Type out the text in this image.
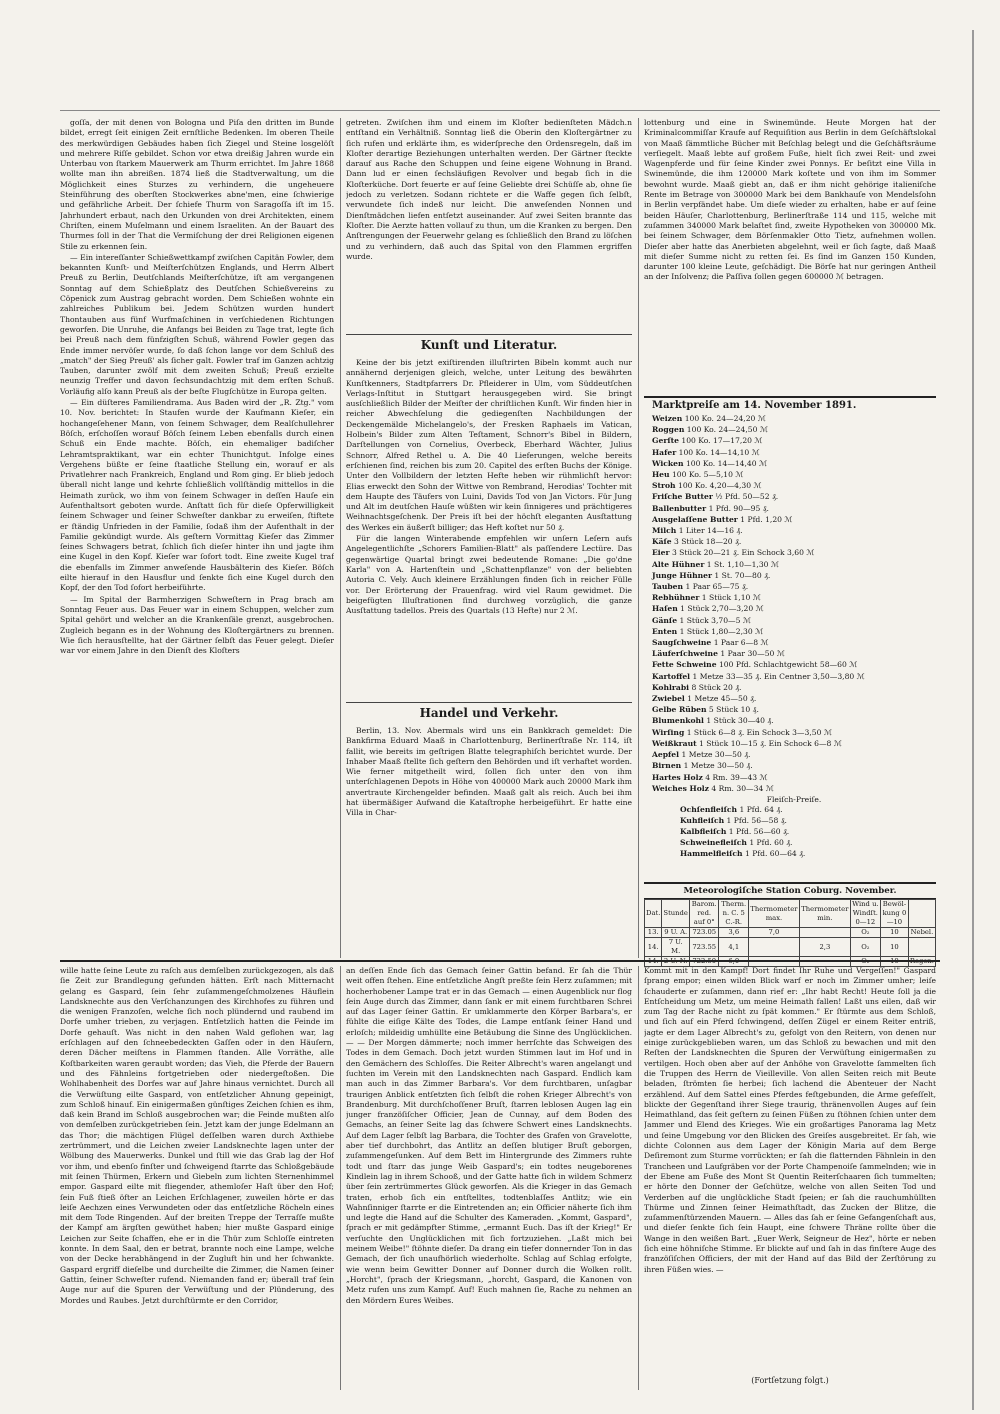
goſſa, der mit denen von Bologna und Piſa den dritten im Bunde bildet, erregt ſeit einigen Zeit ernſtliche Bedenken. Im oberen Theile des merkwürdigen Gebäudes haben ſich Ziegel und Steine losgelöſt und mehrere Riſſe gebildet. Schon vor etwa dreißig Jahren wurde ein Unterbau von ſtarkem Mauerwerk am Thurm errichtet. Im Jahre 1868 wollte man ihn abreißen. 1874 ließ die Stadtverwaltung, um die Möglichkeit eines Sturzes zu verhindern, die ungeheuere Steinführung des oberſten Stockwerkes abne'men, eine ſchwierige und gefährliche Arbeit. Der ſchiefe Thurm von Saragoſſa iſt im 15. Jahrhundert erbaut, nach den Urkunden von drei Architekten, einem Chriſten, einem Muſelmann und einem Israeliten. An der Bauart des Thurmes ſoll in der That die Vermiſchung der drei Religionen eigenen Stile zu erkennen ſein.

— Ein intereſſanter Schießwettkampf zwiſchen Capitän Fowler, dem bekannten Kunſt- und Meiſterſchützen Englands, und Herrn Albert Preuß zu Berlin, Deutſchlands Meiſterſchütze, iſt am vergangenen Sonntag auf dem Schießplatz des Deutſchen Schießvereins zu Cöpenick zum Austrag gebracht worden. Dem Schießen wohnte ein zahlreiches Publikum bei. Jedem Schützen wurden hundert Thontauben aus fünf Wurfmaſchinen in verſchiedenen Richtungen geworfen. Die Unruhe, die Anfangs bei Beiden zu Tage trat, legte ſich bei Preuß nach dem fünfzigſten Schuß, während Fowler gegen das Ende immer nervöſer wurde, ſo daß ſchon lange vor dem Schluß des „match" der Sieg Preuß' als ſicher galt. Fowler traf im Ganzen achtzig Tauben, darunter zwölf mit dem zweiten Schuß; Preuß erzielte neunzig Treffer und davon ſechsundachtzig mit dem erſten Schuß. Vorläufig alſo kann Preuß als der beſte Flugſchütze in Europa gelten.

— Ein düſteres Familiendrama. Aus Baden wird der „R. Ztg." vom 10. Nov. berichtet: In Staufen wurde der Kaufmann Kieſer, ein hochangeſehener Mann, von ſeinem Schwager, dem Realſchullehrer Böſch, erſchoſſen worauf Böſch ſeinem Leben ebenfalls durch einen Schuß ein Ende machte. Böſch, ein ehemaliger badiſcher Lehramtspraktikant, war ein echter Thunichtgut. Infolge eines Vergehens büßte er ſeine ſtaatliche Stellung ein, worauf er als Privatlehrer nach Frankreich, England und Rom ging. Er blieb jedoch überall nicht lange und kehrte ſchließlich vollſtändig mittellos in die Heimath zurück, wo ihm von ſeinem Schwager in deſſen Hauſe ein Aufenthaltsort geboten wurde. Anſtatt ſich für dieſe Opferwilligkeit ſeinem Schwager und ſeiner Schweſter dankbar zu erweiſen, ſtiftete er ſtändig Unfrieden in der Familie, ſodaß ihm der Aufenthalt in der Familie gekündigt wurde. Als geſtern Vormittag Kieſer das Zimmer ſeines Schwagers betrat, ſchlich ſich dieſer hinter ihn und jagte ihm eine Kugel in den Kopf. Kieſer war ſofort todt. Eine zweite Kugel traf die ebenfalls im Zimmer anweſende Hausbälterin des Kieſer. Böſch eilte hierauf in den Hausflur und ſenkte ſich eine Kugel durch den Kopf, der den Tod ſofort herbeiführte.

— Im Spital der Barmherzigen Schweſtern in Prag brach am Sonntag Feuer aus. Das Feuer war in einem Schuppen, welcher zum Spital gehört und welcher an die Krankenſäle grenzt, ausgebrochen. Zugleich begann es in der Wohnung des Kloſtergärtners zu brennen. Wie ſich herausſtellte, hat der Gärtner ſelbſt das Feuer gelegt. Dieſer war vor einem Jahre in den Dienſt des Kloſters

getreten. Zwiſchen ihm und einem im Kloſter bedienſteten Mädch.n entſtand ein Verhältniß. Sonntag ließ die Oberin den Kloſtergärtner zu ſich rufen und erklärte ihm, es widerſpreche den Ordensregeln, daß im Kloſter derartige Beziehungen unterhalten werden. Der Gärtner ſteckte darauf aus Rache den Schuppen und ſeine eigene Wohnung in Brand. Dann lud er einen ſechsläufigen Revolver und begab ſich in die Kloſterküche. Dort feuerte er auf ſeine Geliebte drei Schüſſe ab, ohne ſie jedoch zu verletzen. Sodann richtete er die Waffe gegen ſich ſelbſt, verwundete ſich indeß nur leicht. Die anweſenden Nonnen und Dienſtmädchen liefen entſetzt auseinander. Auf zwei Seiten brannte das Kloſter. Die Aerzte hatten vollauf zu thun, um die Kranken zu bergen. Den Anſtrengungen der Feuerwehr gelang es ſchließlich den Brand zu löſchen und zu verhindern, daß auch das Spital von den Flammen ergriffen wurde.

Kunſt und Literatur.

Keine der bis jetzt exiſtirenden illuſtrirten Bibeln kommt auch nur annähernd derjenigen gleich, welche, unter Leitung des bewährten Kunſtkenners, Stadtpfarrers Dr. Pfleiderer in Ulm, vom Süddeutſchen Verlags-Inſtitut in Stuttgart herausgegeben wird. Sie bringt ausſchließlich Bilder der Meiſter der chriſtlichen Kunſt. Wir finden hier in reicher Abwechſelung die gediegenſten Nachbildungen der Deckengemälde Michelangelo's, der Fresken Raphaels im Vatican, Holbein's Bilder zum Alten Teſtament, Schnorr's Bibel in Bildern, Darſtellungen von Cornelius, Overbeck, Eberhard Wächter, Julius Schnorr, Alfred Rethel u. A. Die 40 Lieferungen, welche bereits erſchienen ſind, reichen bis zum 20. Capitel des erſten Buchs der Könige. Unter den Vollbildern der letzten Hefte heben wir rühmlichſt hervor: Elias erweckt den Sohn der Wittwe von Rembrand, Herodias' Tochter mit dem Haupte des Täufers von Luini, Davids Tod von Jan Victors. Für Jung und Alt im deutſchen Hauſe wüßten wir kein ſinnigeres und prächtigeres Weihnachtsgeſchenk. Der Preis iſt bei der höchſt eleganten Ausſtattung des Werkes ein äußerſt billiger; das Heft koſtet nur 50 ₰.

Für die langen Winterabende empfehlen wir unſern Leſern aufs Angelegentlichſte „Schorers Familien-Blatt" als paſſendere Lectüre. Das gegenwärtige Quartal bringt zwei bedeutende Romane: „Die go'dne Karla" von A. Hartenſtein und „Schattenpflanze" von der beliebten Autoria C. Vely. Auch kleinere Erzählungen finden ſich in reicher Fülle vor. Der Erörterung der Frauenfrag. wird viel Raum gewidmet. Die beigefügten Illuſtrationen ſind durchweg vorzüglich, die ganze Ausſtattung tadellos. Preis des Quartals (13 Hefte) nur 2 ℳ.

Handel und Verkehr.

Berlin, 13. Nov. Abermals wird uns ein Bankkrach gemeldet: Die Bankfirma Eduard Maaß in Charlottenburg, Berlinerſtraße Nr. 114, iſt fallit, wie bereits im geſtrigen Blatte telegraphiſch berichtet wurde. Der Inhaber Maaß ſtellte ſich geſtern den Behörden und iſt verhaftet worden. Wie ferner mitgetheilt wird, ſollen ſich unter den von ihm unterſchlagenen Depots in Höhe von 400000 Mark auch 20000 Mark ihm anvertraute Kirchengelder befinden. Maaß galt als reich. Auch bei ihm hat übermäßiger Aufwand die Kataſtrophe herbeigeführt. Er hatte eine Villa in Char-

lottenburg und eine in Swinemünde. Heute Morgen hat der Kriminalcommiſſar Kraufe auf Requiſition aus Berlin in dem Geſchäftslokal von Maaß ſämmtliche Bücher mit Beſchlag belegt und die Geſchäftsräume verſiegelt. Maaß lebte auf großem Fuße, hielt ſich zwei Reit- und zwei Wagenpferde und für ſeine Kinder zwei Ponnys. Er beſitzt eine Villa in Swinemünde, die ihm 120000 Mark koſtete und von ihm im Sommer bewohnt wurde. Maaß giebt an, daß er ihm nicht gehörige italieniſche Rente im Betrage von 300000 Mark bei dem Bankhauſe von Mendelsſohn in Berlin verpfändet habe. Um dieſe wieder zu erhalten, habe er auf ſeine beiden Häuſer, Charlottenburg, Berlinerſtraße 114 und 115, welche mit zuſammen 340000 Mark belaſtet ſind, zweite Hypotheken von 300000 Mk. bei ſeinem Schwager, dem Börſenmakler Otto Tietz, aufnehmen wollen. Dieſer aber hatte das Anerbieten abgelehnt, weil er ſich ſagte, daß Maaß mit dieſer Summe nicht zu retten ſei. Es ſind im Ganzen 150 Kunden, darunter 100 kleine Leute, geſchädigt. Die Börſe hat nur geringen Antheil an der Inſolvenz; die Paſſiva ſollen gegen 600000 ℳ betragen.

Marktpreiſe am 14. November 1891.
Weizen 100 Ko. 24—24,20 ℳ
Roggen 100 Ko. 24—24,50 ℳ
Gerſte 100 Ko. 17—17,20 ℳ
Hafer 100 Ko. 14—14,10 ℳ
Wicken 100 Ko. 14—14,40 ℳ
Heu 100 Ko. 5—5,10 ℳ
Stroh 100 Ko. 4,20—4,30 ℳ
Friſche Butter ½ Pfd. 50—52 ₰.
Ballenbutter 1 Pfd. 90—95 ₰.
Ausgelaſſene Butter 1 Pfd. 1,20 ℳ
Milch 1 Liter 14—16 ₰.
Käſe 3 Stück 18—20 ₰.
Eier 3 Stück 20—21 ₰. Ein Schock 3,60 ℳ
Alte Hühner 1 St. 1,10—1,30 ℳ
Junge Hühner 1 St. 70—80 ₰.
Tauben 1 Paar 65—75 ₰.
Rebhühner 1 Stück 1,10 ℳ
Haſen 1 Stück 2,70—3,20 ℳ
Gänſe 1 Stück 3,70—5 ℳ
Enten 1 Stück 1,80—2,30 ℳ
Saugſchweine 1 Paar 6—8 ℳ
Läuferſchweine 1 Paar 30—50 ℳ
Fette Schweine 100 Pfd. Schlachtgewicht 58—60 ℳ
Kartoffel 1 Metze 33—35 ₰. Ein Centner 3,50—3,80 ℳ
Kohlrabi 8 Stück 20 ₰.
Zwiebel 1 Metze 45—50 ₰.
Gelbe Rüben 5 Stück 10 ₰.
Blumenkohl 1 Stück 30—40 ₰.
Wirſing 1 Stück 6—8 ₰. Ein Schock 3—3,50 ℳ
Weißkraut 1 Stück 10—15 ₰. Ein Schock 6—8 ℳ
Aepfel 1 Metze 30—50 ₰.
Birnen 1 Metze 30—50 ₰.
Hartes Holz 4 Rm. 39—43 ℳ
Weiches Holz 4 Rm. 30—34 ℳ
Fleiſch-Preiſe.
Ochſenfleiſch 1 Pfd. 64 ₰.
Kuhfleiſch 1 Pfd. 56—58 ₰.
Kalbfleiſch 1 Pfd. 56—60 ₰.
Schweinefleiſch 1 Pfd. 60 ₰.
Hammelfleiſch 1 Pfd. 60—64 ₰.
Meteorologiſche Station Coburg. November.
Dat.	Stunde	Barom. red. auf 0°	Therm. n. C. 5 C.-R.	Thermometer max.	Thermometer min.	Wind u. Windſt. 0—12	Bewöl-kung 0—10	
13.	9 U. A.	723.05	3,6	7,0		O₂	10	Nebel.
14.	7 U. M.	723.55	4,1		2,3	O₂	10	
14.	2 U. N.	722.50	6,0			O₂	10	Regen.

wille hatte ſeine Leute zu raſch aus demſelben zurückgezogen, als daß ſie Zeit zur Brandlegung gefunden hätten. Erſt nach Mitternacht gelang es Gaspard, ſein ſehr zuſammengeſchmolzenes Häuflein Landsknechte aus den Verſchanzungen des Kirchhofes zu führen und die wenigen Franzoſen, welche ſich noch plündernd und raubend im Dorfe umher trieben, zu verjagen. Entſetzlich hatten die Feinde im Dorfe gehauſt. Was nicht in den nahen Wald geflohen war, lag erſchlagen auf den ſchneebedeckten Gaſſen oder in den Häuſern, deren Dächer meiſtens in Flammen ſtanden. Alle Vorräthe, alle Koſtbarkeiten waren geraubt worden; das Vieh, die Pferde der Bauern und des Fähnleins fortgetrieben oder niedergeſtoßen. Die Wohlhabenheit des Dorfes war auf Jahre hinaus vernichtet. Durch all die Verwüſtung eilte Gaspard, von entſetzlicher Ahnung gepeinigt, zum Schloß hinauf. Ein einigermaßen günſtiges Zeichen ſchien es ihm, daß kein Brand im Schloß ausgebrochen war; die Feinde mußten alſo von demſelben zurückgetrieben ſein. Jetzt kam der junge Edelmann an das Thor; die mächtigen Flügel deſſelben waren durch Axthiebe zertrümmert, und die Leichen zweier Landsknechte lagen unter der Wölbung des Mauerwerks. Dunkel und ſtill wie das Grab lag der Hof vor ihm, und ebenſo finſter und ſchweigend ſtarrte das Schloßgebäude mit ſeinen Thürmen, Erkern und Giebeln zum lichten Sternenhimmel empor. Gaspard eilte mit fliegender, athemloſer Haſt über den Hof; ſein Fuß ſtieß öfter an Leichen Erſchlagener, zuweilen hörte er das leiſe Aechzen eines Verwundeten oder das entſetzliche Röcheln eines mit dem Tode Ringenden. Auf der breiten Treppe der Terraſſe mußte der Kampf am ärgſten gewüthet haben; hier mußte Gaspard einige Leichen zur Seite ſchaffen, ehe er in die Thür zum Schloſſe eintreten konnte. In dem Saal, den er betrat, brannte noch eine Lampe, welche von der Decke herabhängend in der Zugluft hin und her ſchwankte. Gaspard ergriff dieſelbe und durcheilte die Zimmer, die Namen ſeiner Gattin, ſeiner Schweſter rufend. Niemanden fand er; überall traf ſein Auge nur auf die Spuren der Verwüſtung und der Plünderung, des Mordes und Raubes. Jetzt durchſtürmte er den Corridor,

an deſſen Ende ſich das Gemach ſeiner Gattin befand. Er ſah die Thür weit offen ſtehen. Eine entſetzliche Angſt preßte ſein Herz zuſammen; mit hocherhobener Lampe trat er in das Gemach — einen Augenblick nur flog ſein Auge durch das Zimmer, dann ſank er mit einem furchtbaren Schrei auf das Lager ſeiner Gattin. Er umklammerte den Körper Barbara's, er fühlte die eiſige Kälte des Todes, die Lampe entſank ſeiner Hand und erloſch; mildeidig umhüllte eine Betäubung die Sinne des Unglücklichen. — — Der Morgen dämmerte; noch immer herrſchte das Schweigen des Todes in dem Gemach. Doch jetzt wurden Stimmen laut im Hof und in den Gemächern des Schloſſes. Die Reiter Albrecht's waren angelangt und ſuchten im Verein mit den Landsknechten nach Gaspard. Endlich kam man auch in das Zimmer Barbara's. Vor dem furchtbaren, unſagbar traurigen Anblick entſetzten ſich ſelbſt die rohen Krieger Albrecht's von Brandenburg. Mit durchſchoſſener Bruſt, ſtarren leblosen Augen lag ein junger franzöſiſcher Officier, Jean de Cunnay, auf dem Boden des Gemachs, an ſeiner Seite lag das ſchwere Schwert eines Landsknechts. Auf dem Lager ſelbſt lag Barbara, die Tochter des Grafen von Gravelotte, aber tief durchbohrt, das Antlitz an deſſen blutiger Bruſt geborgen, zuſammengeſunken. Auf dem Bett im Hintergrunde des Zimmers ruhte todt und ſtarr das junge Weib Gaspard's; ein todtes neugeborenes Kindlein lag in ihrem Schooß, und der Gatte hatte ſich in wildem Schmerz über ſein zertrümmertes Glück geworfen. Als die Krieger in das Gemach traten, erhob ſich ein entſtelltes, todtenblaſſes Antlitz; wie ein Wahnſinniger ſtarrte er die Eintretenden an; ein Officier näherte ſich ihm und legte die Hand auf die Schulter des Kameraden. „Kommt, Gaspard", ſprach er mit gedämpfter Stimme, „ermannt Euch. Das iſt der Krieg!" Er verſuchte den Unglücklichen mit ſich fortzuziehen. „Laßt mich bei meinem Weibe!" ſtöhnte dieſer. Da drang ein tiefer donnernder Ton in das Gemach, der ſich unaufhörlich wiederholte. Schlag auf Schlag erfolgte, wie wenn beim Gewitter Donner auf Donner durch die Wolken rollt. „Horcht", ſprach der Kriegsmann, „horcht, Gaspard, die Kanonen von Metz rufen uns zum Kampf. Auf! Euch mahnen ſie, Rache zu nehmen an den Mördern Eures Weibes.

Kommt mit in den Kampf! Dort findet Ihr Ruhe und Vergeſſen!" Gaspard ſprang empor; einen wilden Blick warf er noch im Zimmer umher; leiſe ſchauderte er zuſammen, dann rief er: „Ihr habt Recht! Heute ſoll ja die Entſcheidung um Metz, um meine Heimath fallen! Laßt uns eilen, daß wir zum Tag der Rache nicht zu ſpät kommen." Er ſtürmte aus dem Schloß, und ſich auf ein Pferd ſchwingend, deſſen Zügel er einem Reiter entriß, jagte er dem Lager Albrecht's zu, gefolgt von den Reitern, von denen nur einige zurückgeblieben waren, um das Schloß zu bewachen und mit den Reſten der Landsknechten die Spuren der Verwüſtung einigermaßen zu vertilgen. Hoch oben aber auf der Anhöhe von Gravelotte ſammelten ſich die Truppen des Herrn de Vieilleville. Von allen Seiten reich mit Beute beladen, ſtrömten ſie herbei; ſich lachend die Abenteuer der Nacht erzählend. Auf dem Sattel eines Pferdes feſtgebunden, die Arme gefeſſelt, blickte der Gegenſtand ihrer Siege traurig, thränenvollen Auges auf ſein Heimathland, das ſeit geſtern zu ſeinen Füßen zu ſtöhnen ſchien unter dem Jammer und Elend des Krieges. Wie ein großartiges Panorama lag Metz und ſeine Umgebung vor den Blicken des Greiſes ausgebreitet. Er ſah, wie dichte Colonnen aus dem Lager der Königin Maria auf dem Berge Deſiremont zum Sturme vorrückten; er ſah die flatternden Fähnlein in den Trancheen und Laufgräben vor der Porte Champenoiſe ſammelnden; wie in der Ebene am Fuße des Mont St Quentin Reiterſchaaren ſich tummelten; er hörte den Donner der Geſchütze, welche von allen Seiten Tod und Verderben auf die unglückliche Stadt ſpeien; er ſah die rauchumhüllten Thürme und Zinnen ſeiner Heimathſtadt, das Zucken der Blitze, die zuſammenſtürzenden Mauern. — Alles das ſah er ſeine Gefangenſchaft aus, und dieſer ſenkte ſich ſein Haupt, eine ſchwere Thräne rollte über die Wange in den weißen Bart. „Euer Werk, Seigneur de Hez", hörte er neben ſich eine höhniſche Stimme. Er blickte auf und ſah in das finſtere Auge des franzöſiſchen Officiers, der mit der Hand auf das Bild der Zerſtörung zu ihren Füßen wies. —

(Fortſetzung folgt.)
